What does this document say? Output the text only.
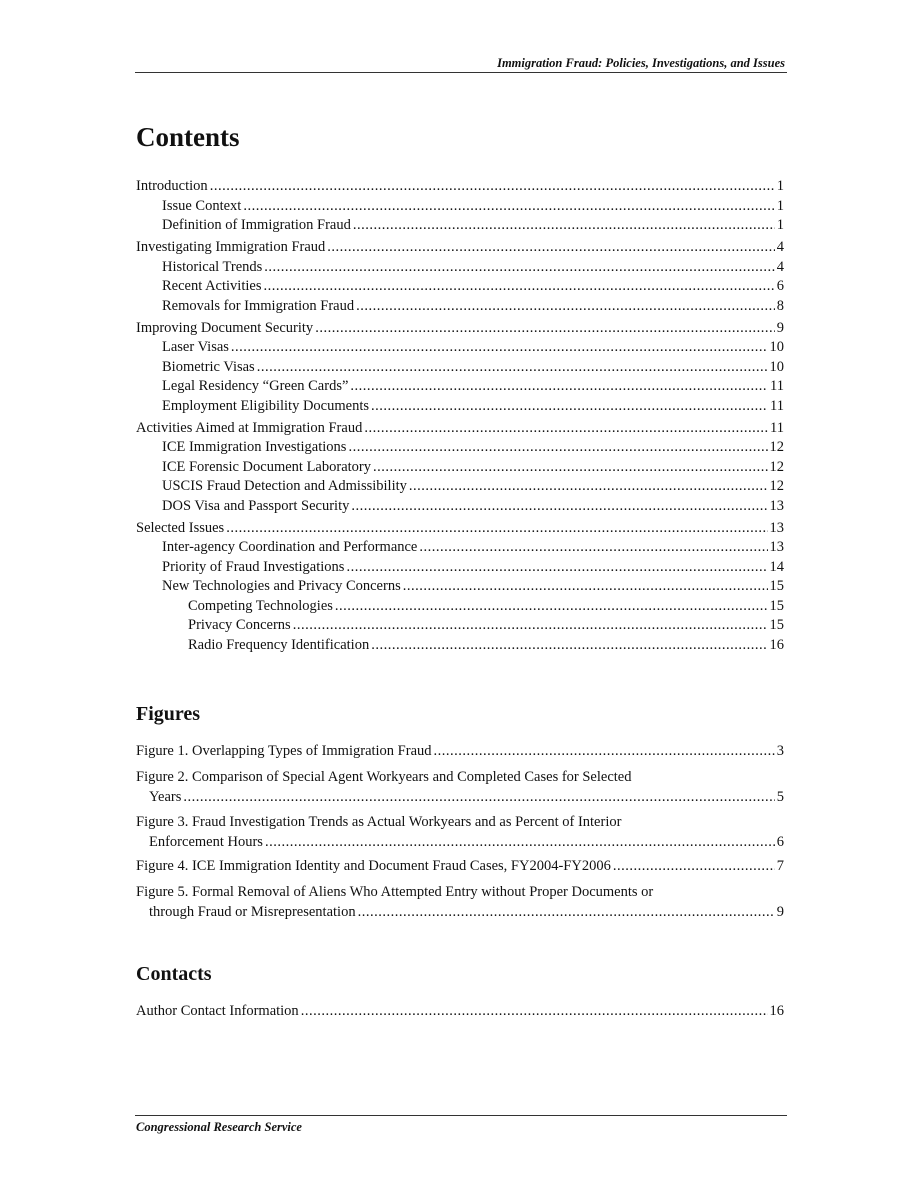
Immigration Fraud: Policies, Investigations, and Issues
Contents
Introduction .....	1
Issue Context .....	1
Definition of Immigration Fraud .....	1
Investigating Immigration Fraud .....	4
Historical Trends .....	4
Recent Activities .....	6
Removals for Immigration Fraud .....	8
Improving Document Security .....	9
Laser Visas .....	10
Biometric Visas .....	10
Legal Residency “Green Cards” .....	11
Employment Eligibility Documents .....	11
Activities Aimed at Immigration Fraud .....	11
ICE Immigration Investigations .....	12
ICE Forensic Document Laboratory .....	12
USCIS Fraud Detection and Admissibility .....	12
DOS Visa and Passport Security .....	13
Selected Issues .....	13
Inter-agency Coordination and Performance .....	13
Priority of Fraud Investigations .....	14
New Technologies and Privacy Concerns .....	15
Competing Technologies .....	15
Privacy Concerns .....	15
Radio Frequency Identification .....	16
Figures
Figure 1. Overlapping Types of Immigration Fraud .....	3
Figure 2. Comparison of Special Agent Workyears and Completed Cases for Selected
Years .....	5
Figure 3. Fraud Investigation Trends as Actual Workyears and as Percent of Interior
Enforcement Hours .....	6
Figure 4. ICE Immigration Identity and Document Fraud Cases, FY2004-FY2006 .....	7
Figure 5. Formal Removal of Aliens Who Attempted Entry without Proper Documents or
through Fraud or Misrepresentation .....	9
Contacts
Author Contact Information .....	16
Congressional Research Service
